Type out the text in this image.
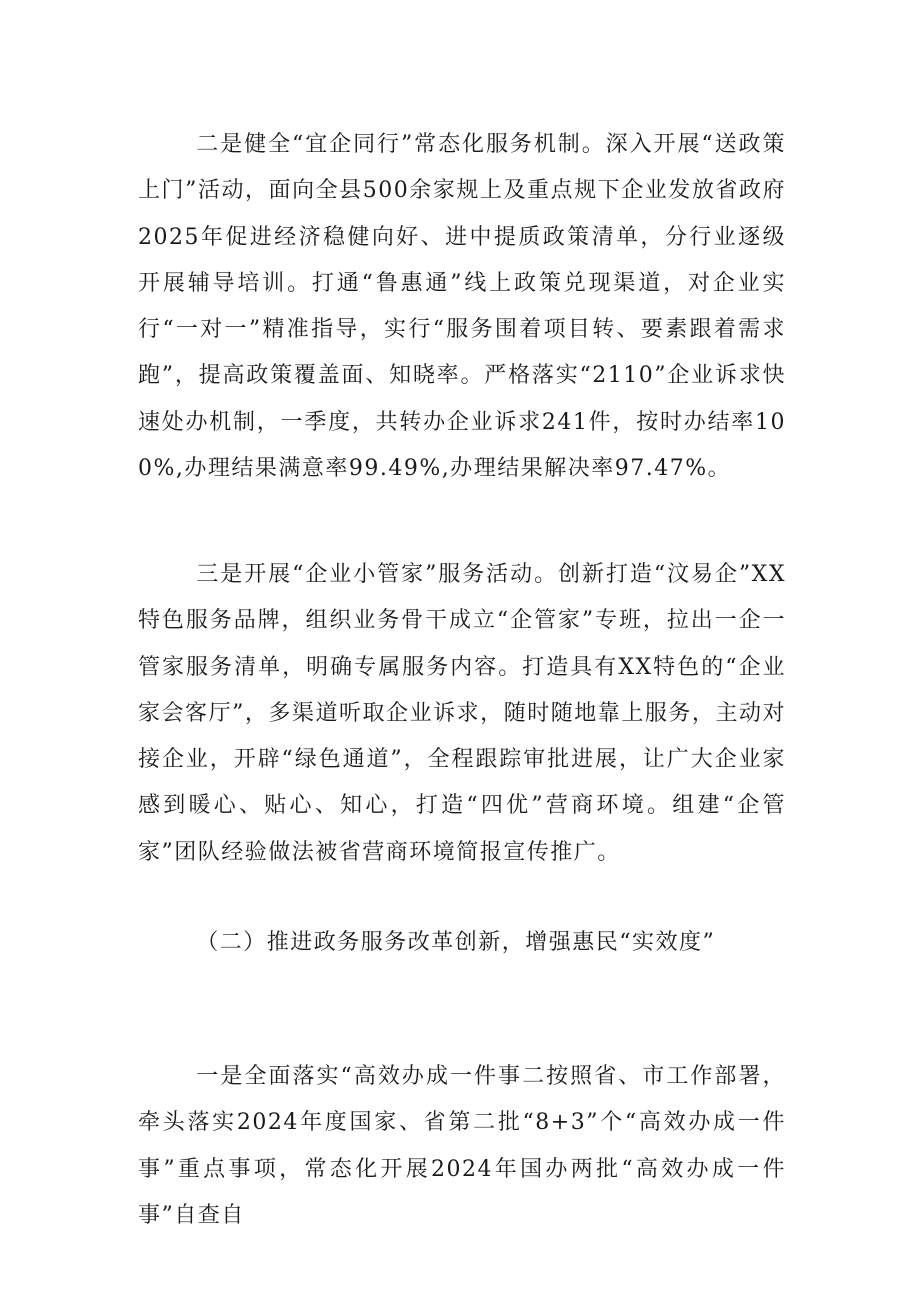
二是健全“宜企同行”常态化服务机制。深入开展“送政策上门”活动，面向全县500余家规上及重点规下企业发放省政府2025年促进经济稳健向好、进中提质政策清单，分行业逐级开展辅导培训。打通“鲁惠通”线上政策兑现渠道，对企业实行“一对一”精准指导，实行“服务围着项目转、要素跟着需求跑”，提高政策覆盖面、知晓率。严格落实“2110”企业诉求快速处办机制，一季度，共转办企业诉求241件，按时办结率100%,办理结果满意率99.49%,办理结果解决率97.47%。

三是开展“企业小管家”服务活动。创新打造“汶易企”XX特色服务品牌，组织业务骨干成立“企管家”专班，拉出一企一管家服务清单，明确专属服务内容。打造具有XX特色的“企业家会客厅”，多渠道听取企业诉求，随时随地靠上服务，主动对接企业，开辟“绿色通道”，全程跟踪审批进展，让广大企业家感到暖心、贴心、知心，打造“四优”营商环境。组建“企管家”团队经验做法被省营商环境简报宣传推广。

（二）推进政务服务改革创新，增强惠民“实效度”

一是全面落实“高效办成一件事二按照省、市工作部署，牵头落实2024年度国家、省第二批“8+3”个“高效办成一件事”重点事项，常态化开展2024年国办两批“高效办成一件事”自查自
